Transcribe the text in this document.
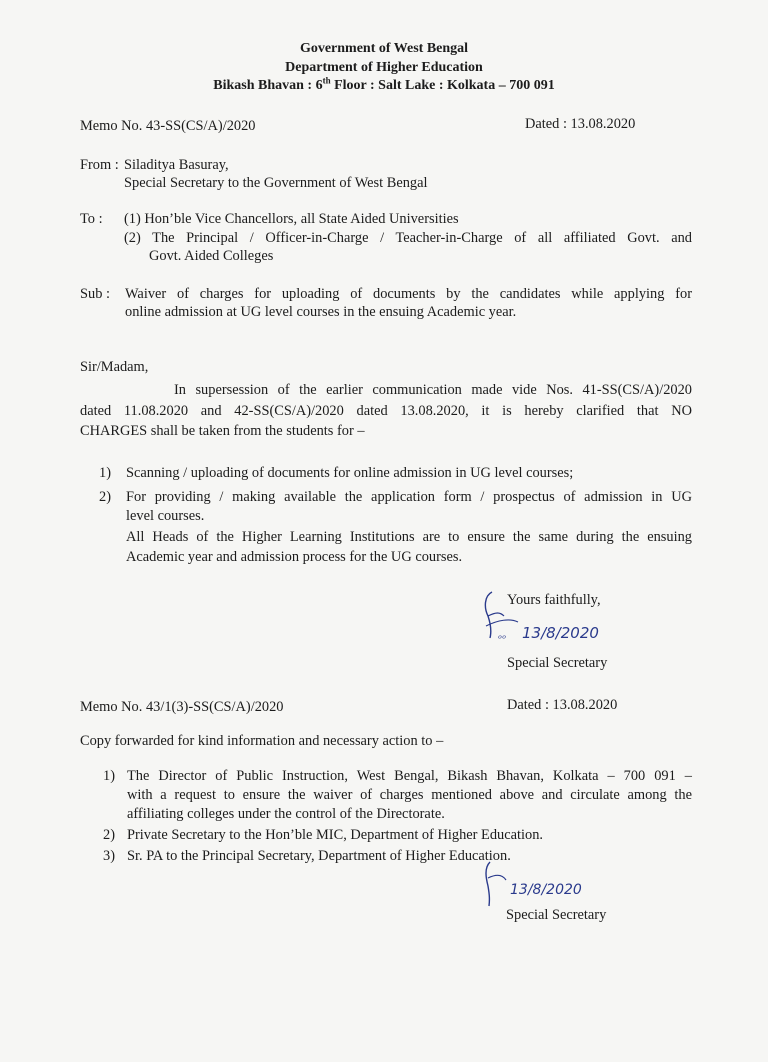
Government of West Bengal
Department of Higher Education
Bikash Bhavan : 6th Floor : Salt Lake : Kolkata – 700 091
Memo No. 43-SS(CS/A)/2020	Dated : 13.08.2020
From : Siladitya Basuray,
Special Secretary to the Government of West Bengal
To : (1) Hon’ble Vice Chancellors, all State Aided Universities
(2) The Principal / Officer-in-Charge / Teacher-in-Charge of all affiliated Govt. and
Govt. Aided Colleges
Sub : Waiver of charges for uploading of documents by the candidates while applying for
online admission at UG level courses in the ensuing Academic year.
Sir/Madam,
In supersession of the earlier communication made vide Nos. 41-SS(CS/A)/2020
dated 11.08.2020 and 42-SS(CS/A)/2020 dated 13.08.2020, it is hereby clarified that NO
CHARGES shall be taken from the students for –
1) Scanning / uploading of documents for online admission in UG level courses;
2) For providing / making available the application form / prospectus of admission in UG
level courses.
All Heads of the Higher Learning Institutions are to ensure the same during the ensuing
Academic year and admission process for the UG courses.
Yours faithfully,
ᵒᵒ 13/8/2020
Special Secretary
Memo No. 43/1(3)-SS(CS/A)/2020	Dated : 13.08.2020
Copy forwarded for kind information and necessary action to –
1) The Director of Public Instruction, West Bengal, Bikash Bhavan, Kolkata – 700 091 –
with a request to ensure the waiver of charges mentioned above and circulate among the
affiliating colleges under the control of the Directorate.
2) Private Secretary to the Hon’ble MIC, Department of Higher Education.
3) Sr. PA to the Principal Secretary, Department of Higher Education.
13/8/2020
Special Secretary
